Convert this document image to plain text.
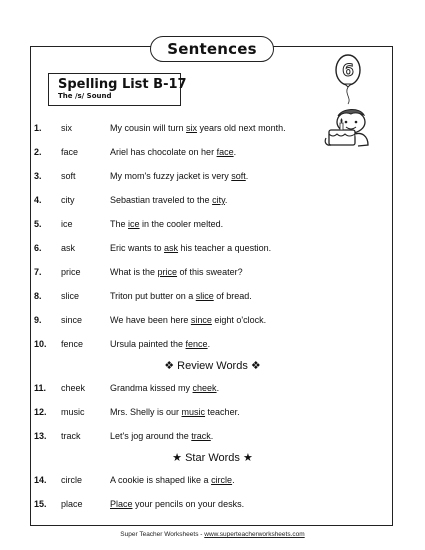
Sentences
Spelling List B-17
The /s/ Sound
6
1. six	My cousin will turn six years old next month.
2. face	Ariel has chocolate on her face.
3. soft	My mom's fuzzy jacket is very soft.
4. city	Sebastian traveled to the city.
5. ice	The ice in the cooler melted.
6. ask	Eric wants to ask his teacher a question.
7. price	What is the price of this sweater?
8. slice	Triton put butter on a slice of bread.
9. since	We have been here since eight o'clock.
10. fence	Ursula painted the fence.
❖ Review Words ❖
11. cheek	Grandma kissed my cheek.
12. music	Mrs. Shelly is our music teacher.
13. track	Let's jog around the track.
★ Star Words ★
14. circle	A cookie is shaped like a circle.
15. place	Place your pencils on your desks.
Super Teacher Worksheets - www.superteacherworksheets.com
